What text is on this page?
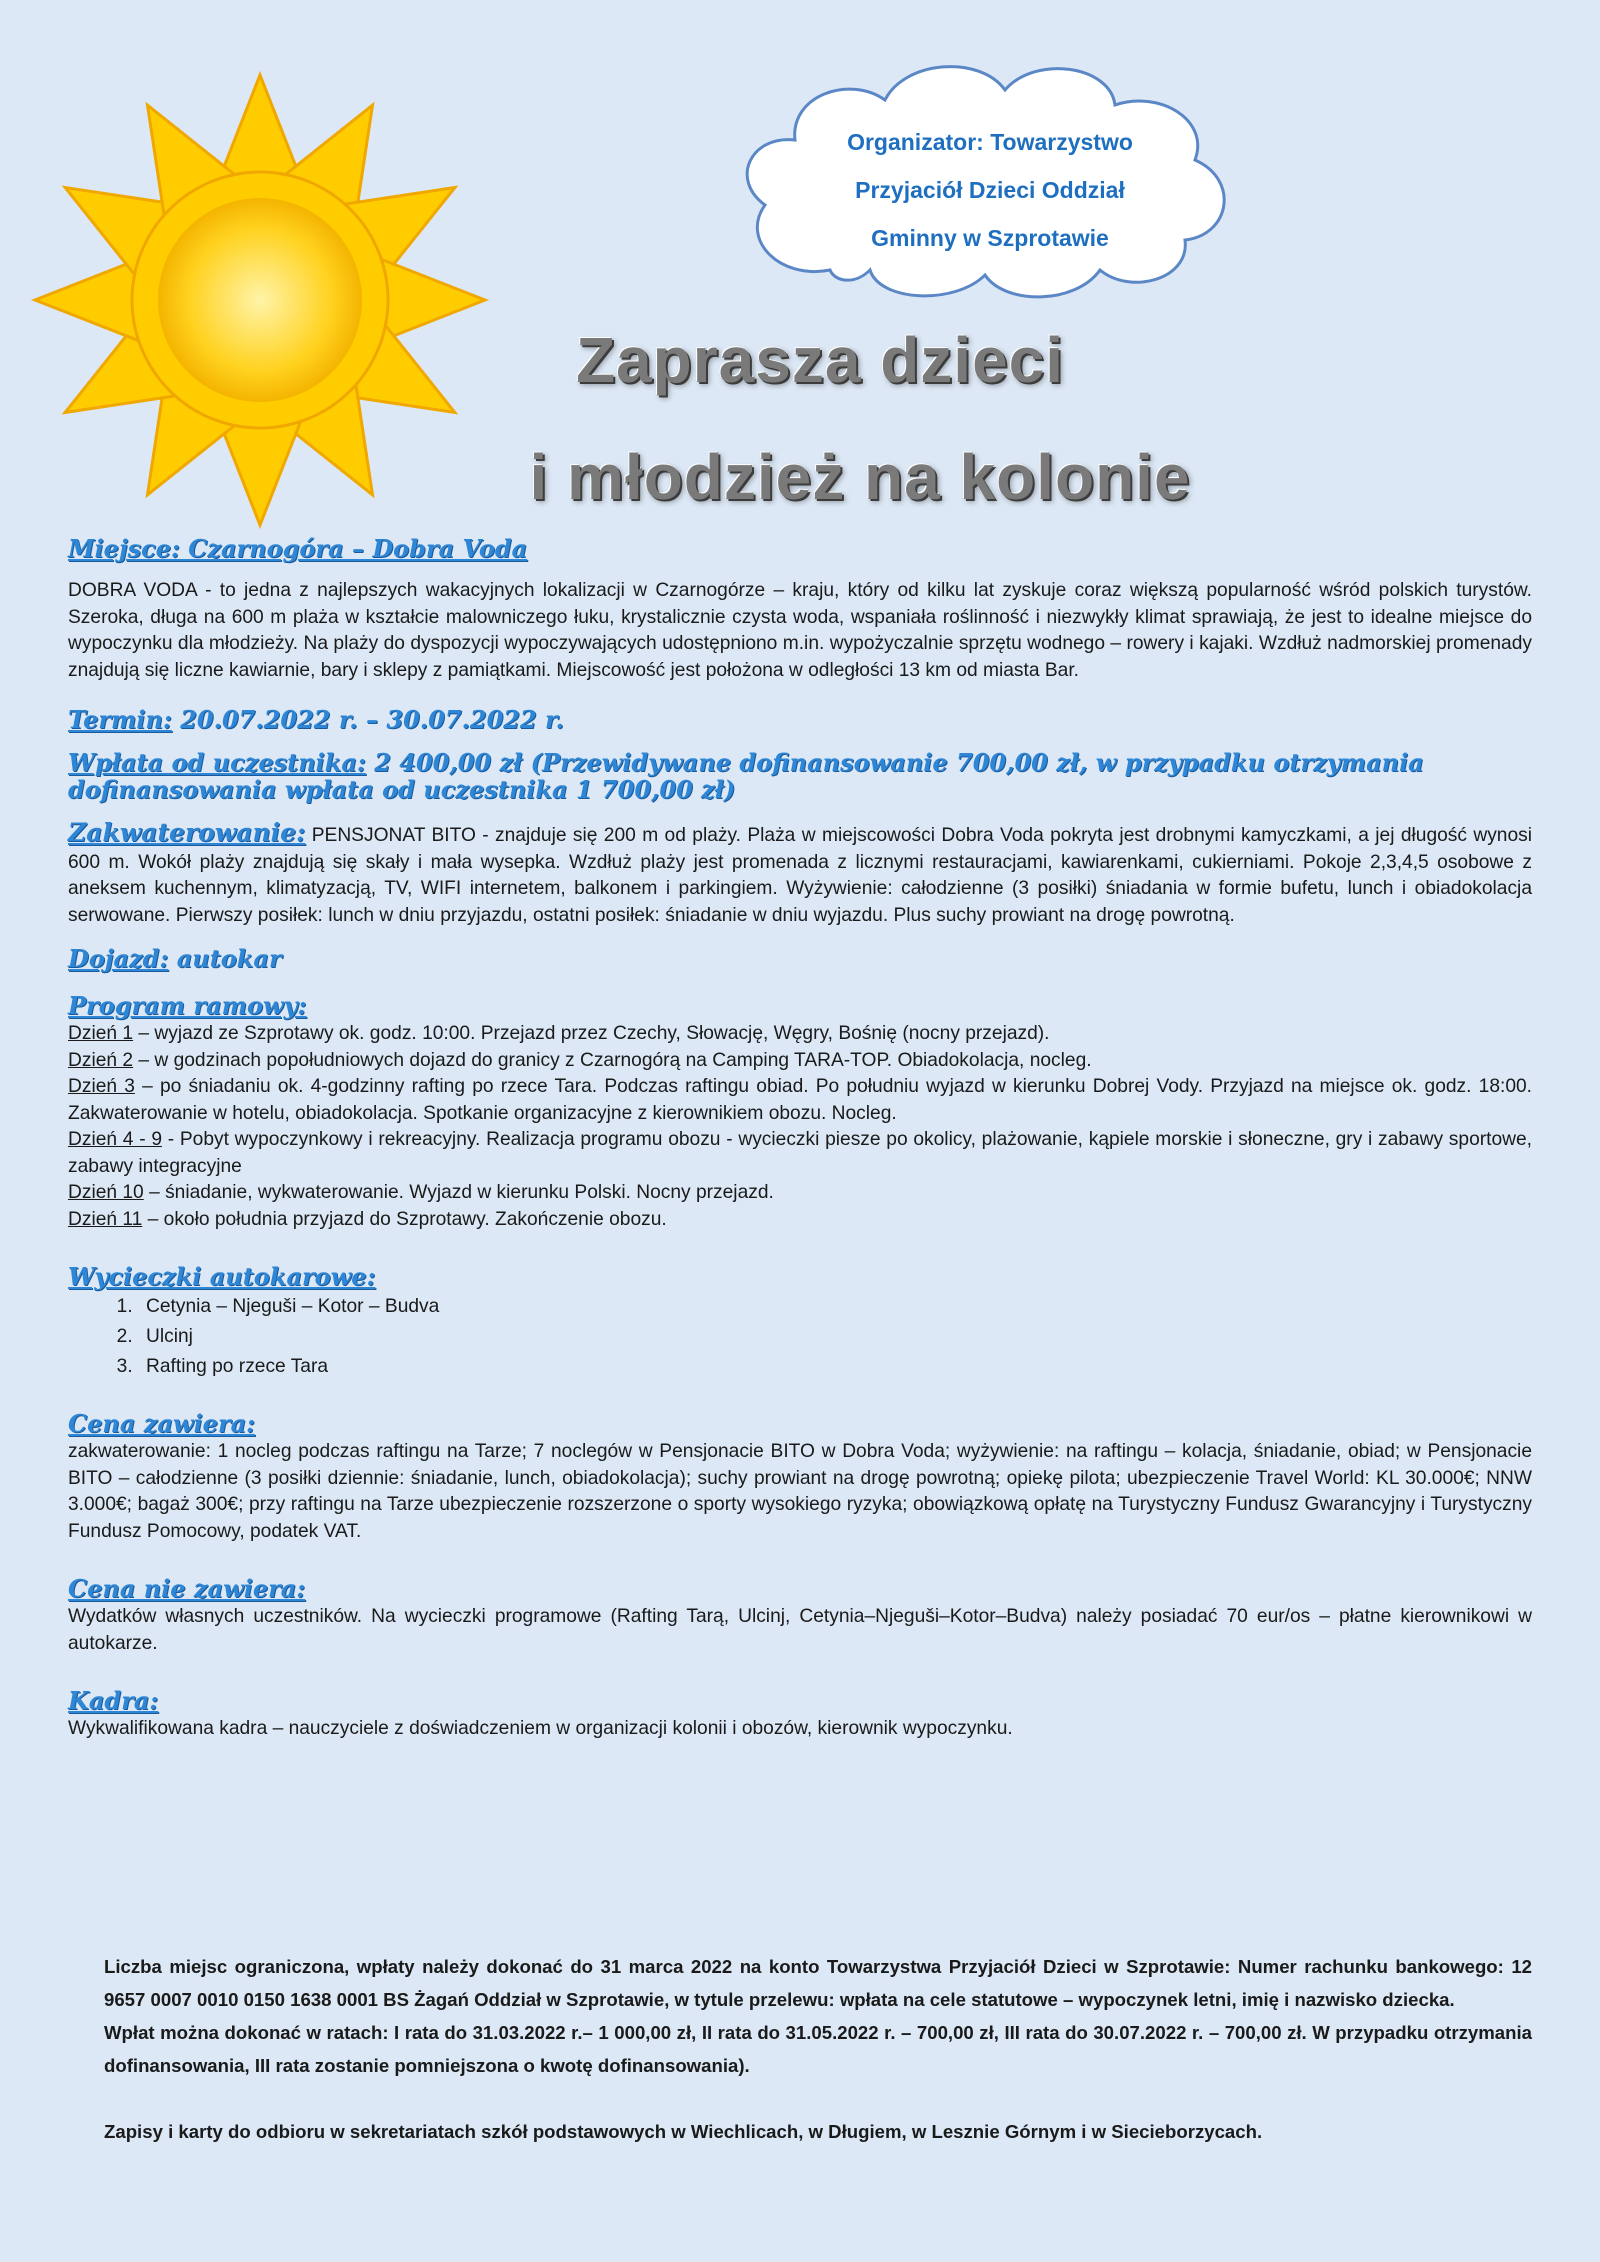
Organizator: Towarzystwo
Przyjaciół Dzieci Oddział
Gminny w Szprotawie
Zaprasza dzieci
i młodzież na kolonie
Miejsce: Czarnogóra – Dobra Voda

DOBRA VODA - to jedna z najlepszych wakacyjnych lokalizacji w Czarnogórze – kraju, który od kilku lat zyskuje coraz większą popularność wśród polskich turystów. Szeroka, długa na 600 m plaża w kształcie malowniczego łuku, krystalicznie czysta woda, wspaniała roślinność i niezwykły klimat sprawiają, że jest to idealne miejsce do wypoczynku dla młodzieży. Na plaży do dyspozycji wypoczywających udostępniono m.in. wypożyczalnie sprzętu wodnego – rowery i kajaki. Wzdłuż nadmorskiej promenady znajdują się liczne kawiarnie, bary i sklepy z pamiątkami. Miejscowość jest położona w odległości 13 km od miasta Bar.

Termin: 20.07.2022 r. – 30.07.2022 r.
Wpłata od uczestnika: 2 400,00 zł (Przewidywane dofinansowanie 700,00 zł, w przypadku otrzymania dofinansowania wpłata od uczestnika 1 700,00 zł)

Zakwaterowanie: PENSJONAT BITO - znajduje się 200 m od plaży. Plaża w miejscowości Dobra Voda pokryta jest drobnymi kamyczkami, a jej długość wynosi 600 m. Wokół plaży znajdują się skały i mała wysepka. Wzdłuż plaży jest promenada z licznymi restauracjami, kawiarenkami, cukierniami. Pokoje 2,3,4,5 osobowe z aneksem kuchennym, klimatyzacją, TV, WIFI internetem, balkonem i parkingiem. Wyżywienie: całodzienne (3 posiłki) śniadania w formie bufetu, lunch i obiadokolacja serwowane. Pierwszy posiłek: lunch w dniu przyjazdu, ostatni posiłek: śniadanie w dniu wyjazdu. Plus suchy prowiant na drogę powrotną.

Dojazd: autokar
Program ramowy:

Dzień 1 – wyjazd ze Szprotawy ok. godz. 10:00. Przejazd przez Czechy, Słowację, Węgry, Bośnię (nocny przejazd).

Dzień 2 – w godzinach popołudniowych dojazd do granicy z Czarnogórą na Camping TARA-TOP. Obiadokolacja, nocleg.

Dzień 3 – po śniadaniu ok. 4-godzinny rafting po rzece Tara. Podczas raftingu obiad. Po południu wyjazd w kierunku Dobrej Vody. Przyjazd na miejsce ok. godz. 18:00. Zakwaterowanie w hotelu, obiadokolacja. Spotkanie organizacyjne z kierownikiem obozu. Nocleg.

Dzień 4 - 9 - Pobyt wypoczynkowy i rekreacyjny. Realizacja programu obozu - wycieczki piesze po okolicy, plażowanie, kąpiele morskie i słoneczne, gry i zabawy sportowe, zabawy integracyjne

Dzień 10 – śniadanie, wykwaterowanie. Wyjazd w kierunku Polski. Nocny przejazd.

Dzień 11 – około południa przyjazd do Szprotawy. Zakończenie obozu.

Wycieczki autokarowe:
1. Cetynia – Njeguši – Kotor – Budva
2. Ulcinj
3. Rafting po rzece Tara
Cena zawiera:

zakwaterowanie: 1 nocleg podczas raftingu na Tarze; 7 noclegów w Pensjonacie BITO w Dobra Voda; wyżywienie: na raftingu – kolacja, śniadanie, obiad; w Pensjonacie BITO – całodzienne (3 posiłki dziennie: śniadanie, lunch, obiadokolacja); suchy prowiant na drogę powrotną; opiekę pilota; ubezpieczenie Travel World: KL 30.000€; NNW 3.000€; bagaż 300€; przy raftingu na Tarze ubezpieczenie rozszerzone o sporty wysokiego ryzyka; obowiązkową opłatę na Turystyczny Fundusz Gwarancyjny i Turystyczny Fundusz Pomocowy, podatek VAT.

Cena nie zawiera:

Wydatków własnych uczestników. Na wycieczki programowe (Rafting Tarą, Ulcinj, Cetynia–Njeguši–Kotor–Budva) należy posiadać 70 eur/os – płatne kierownikowi w autokarze.

Kadra:

Wykwalifikowana kadra – nauczyciele z doświadczeniem w organizacji kolonii i obozów, kierownik wypoczynku.

Liczba miejsc ograniczona, wpłaty należy dokonać do 31 marca 2022 na konto Towarzystwa Przyjaciół Dzieci w Szprotawie: Numer rachunku bankowego: 12 9657 0007 0010 0150 1638 0001 BS Żagań Oddział w Szprotawie, w tytule przelewu: wpłata na cele statutowe – wypoczynek letni, imię i nazwisko dziecka.

Wpłat można dokonać w ratach: I rata do 31.03.2022 r.– 1 000,00 zł, II rata do 31.05.2022 r. – 700,00 zł, III rata do 30.07.2022 r. – 700,00 zł. W przypadku otrzymania dofinansowania, III rata zostanie pomniejszona o kwotę dofinansowania).

Zapisy i karty do odbioru w sekretariatach szkół podstawowych w Wiechlicach, w Długiem, w Lesznie Górnym i w Siecieborzycach.
